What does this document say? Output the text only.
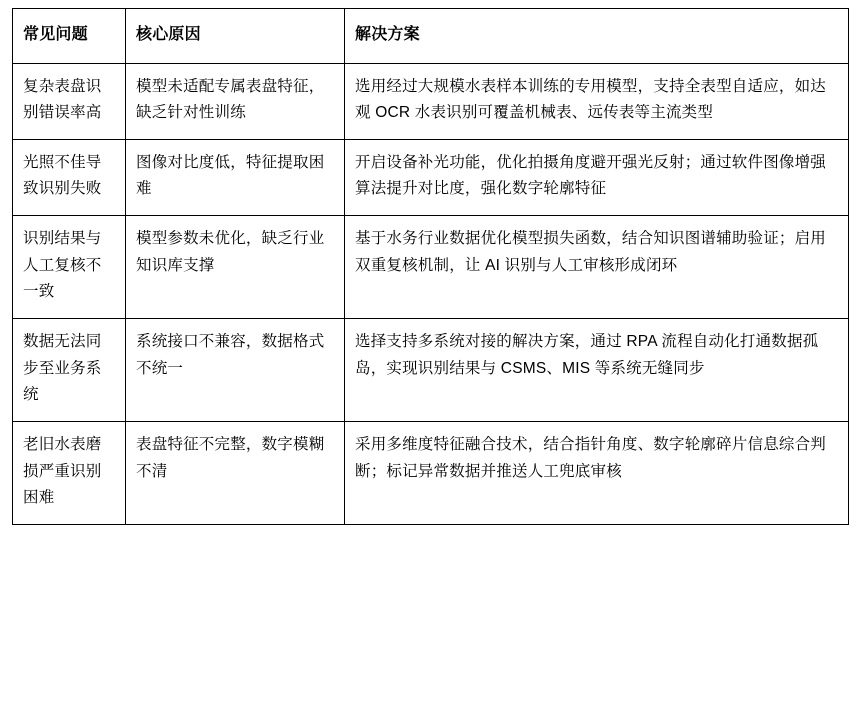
常见问题	核心原因	解决方案
复杂表盘识别错误率高	模型未适配专属表盘特征，缺乏针对性训练	选用经过大规模水表样本训练的专用模型，支持全表型自适应，如达观 OCR 水表识别可覆盖机械表、远传表等主流类型
光照不佳导致识别失败	图像对比度低，特征提取困难	开启设备补光功能，优化拍摄角度避开强光反射；通过软件图像增强算法提升对比度，强化数字轮廓特征
识别结果与人工复核不一致	模型参数未优化，缺乏行业知识库支撑	基于水务行业数据优化模型损失函数，结合知识图谱辅助验证；启用双重复核机制，让 AI 识别与人工审核形成闭环
数据无法同步至业务系统	系统接口不兼容，数据格式不统一	选择支持多系统对接的解决方案，通过 RPA 流程自动化打通数据孤岛，实现识别结果与 CSMS、MIS 等系统无缝同步
老旧水表磨损严重识别困难	表盘特征不完整，数字模糊不清	采用多维度特征融合技术，结合指针角度、数字轮廓碎片信息综合判断；标记异常数据并推送人工兜底审核
